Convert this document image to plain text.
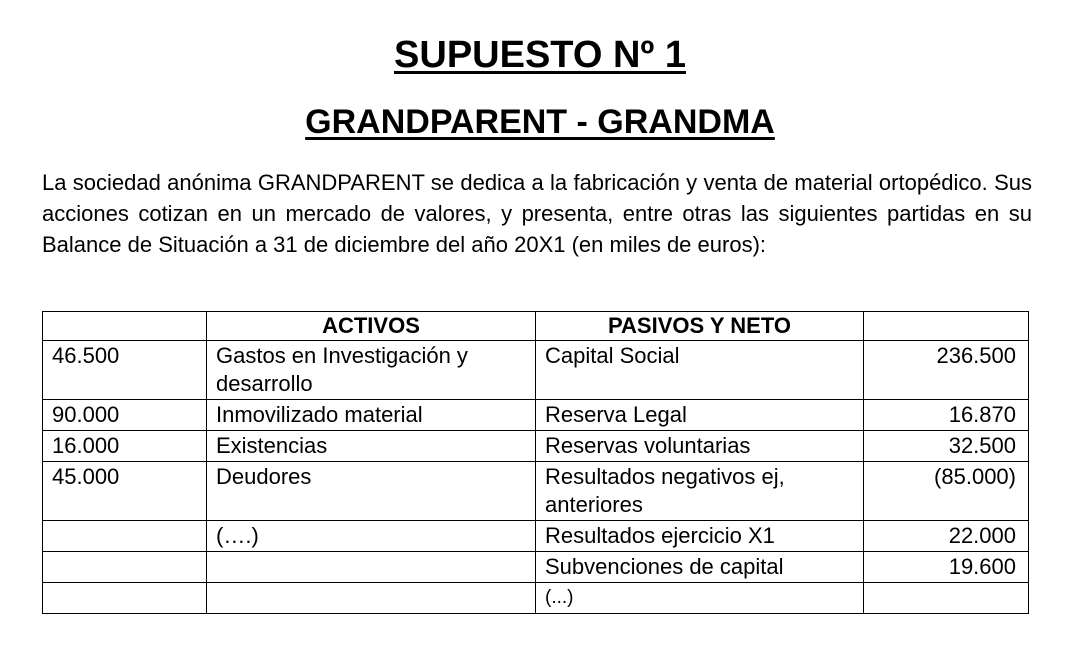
SUPUESTO Nº 1
GRANDPARENT - GRANDMA

La sociedad anónima GRANDPARENT se dedica a la fabricación y venta de material ortopédico. Sus acciones cotizan en un mercado de valores, y presenta, entre otras las siguientes partidas en su Balance de Situación a 31 de diciembre del año 20X1 (en miles de euros):

	ACTIVOS	PASIVOS Y NETO	
46.500	Gastos en Investigación y desarrollo	Capital Social	236.500
90.000	Inmovilizado material	Reserva Legal	16.870
16.000	Existencias	Reservas voluntarias	32.500
45.000	Deudores	Resultados negativos ej, anteriores	(85.000)
	(….)	Resultados ejercicio X1	22.000
		Subvenciones de capital	19.600
		(...)	
